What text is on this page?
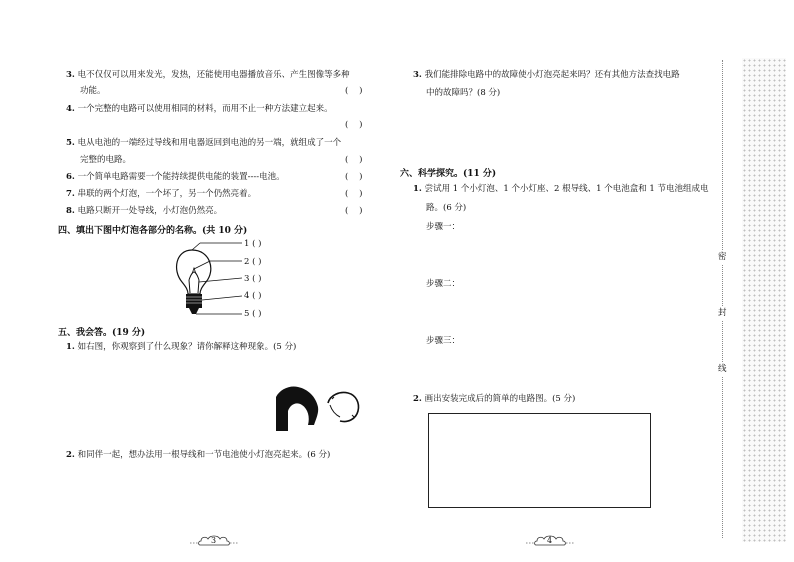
3. 电不仅仅可以用来发光，发热，还能使用电器播放音乐、产生图像等多种
功能。	(    )
4. 一个完整的电路可以使用相同的材料，而用不止一种方法建立起来。
(    )
5. 电从电池的一端经过导线和用电器返回到电池的另一端，就组成了一个
完整的电路。	(    )
6. 一个简单电路需要一个能持续提供电能的装置----电池。	(    )
7. 串联的两个灯泡，一个坏了，另一个仍然亮着。	(    )
8. 电路只断开一处导线，小灯泡仍然亮。	(    )
四、填出下图中灯泡各部分的名称。(共 10 分)
1 ( )
2 ( )
3 ( )
4 ( )
5 ( )
五、我会答。(19 分)
1. 如右图，你观察到了什么现象？请你解释这种现象。(5 分)
2. 和同伴一起，想办法用一根导线和一节电池使小灯泡亮起来。(6 分)
3
3. 我们能排除电路中的故障使小灯泡亮起来吗？还有其他方法查找电路
中的故障吗？(8 分)
六、科学探究。(11 分)
1. 尝试用 1 个小灯泡、1 个小灯座、2 根导线、1 个电池盒和 1 节电池组成电
路。(6 分)
步骤一：
步骤二：
步骤三：
2. 画出安装完成后的简单的电路图。(5 分)
4
密
封
线
